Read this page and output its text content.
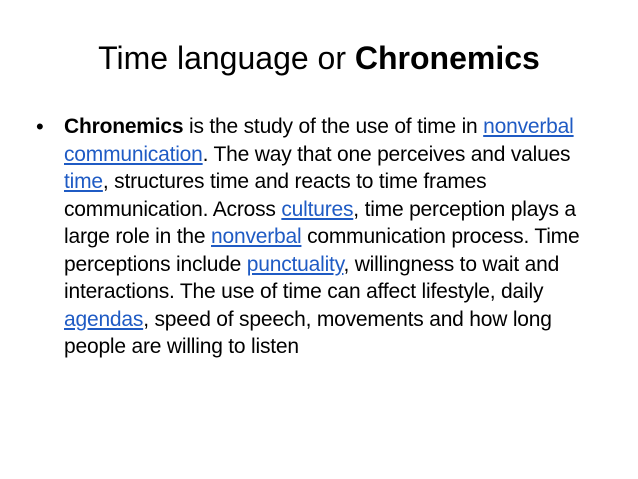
Time language or Chronemics
• Chronemics is the study of the use of time in nonverbal communication. The way that one perceives and values time, structures time and reacts to time frames communication. Across cultures, time perception plays a large role in the nonverbal communication process. Time perceptions include punctuality, willingness to wait and interactions. The use of time can affect lifestyle, daily agendas, speed of speech, movements and how long people are willing to listen
